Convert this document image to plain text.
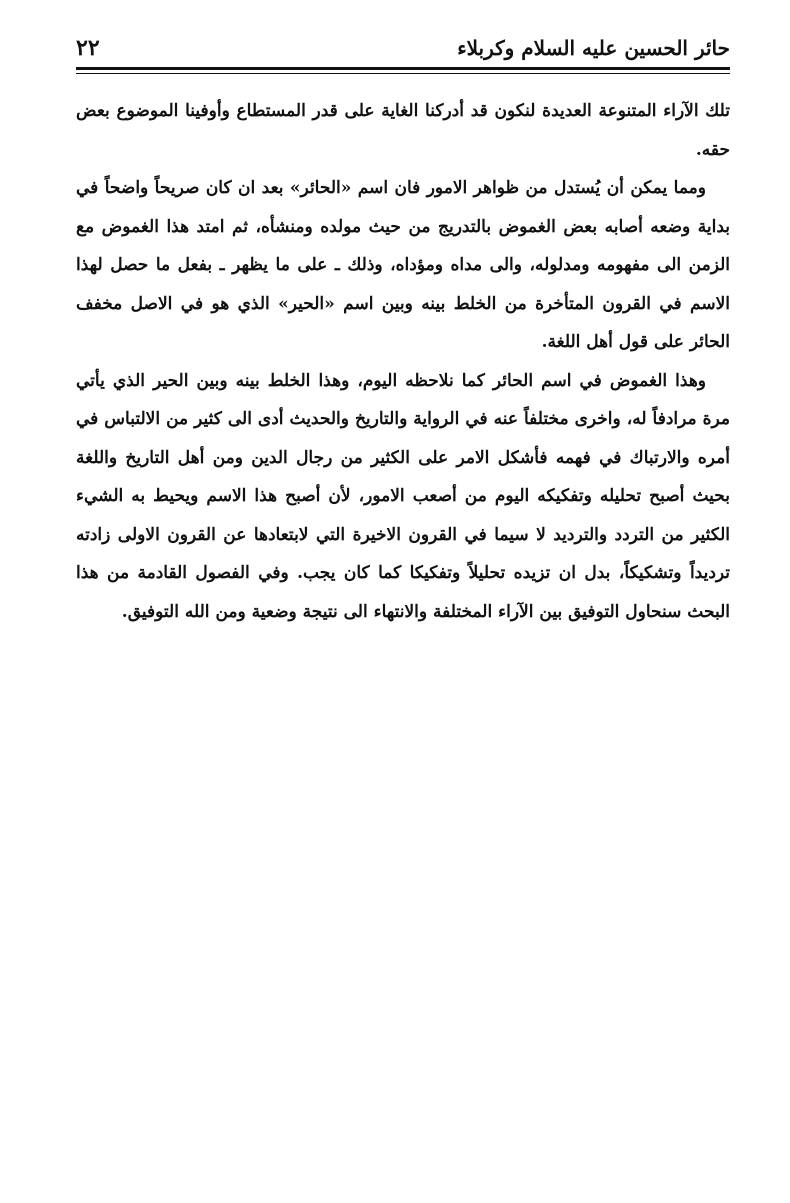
٢٢	حائر الحسين عليه السلام وكربلاء

تلك الآراء المتنوعة العديدة لنكون قد أدركنا الغاية على قدر المستطاع وأوفينا الموضوع بعض حقه.

ومما يمكن أن يُستدل من ظواهر الامور فان اسم «الحائر» بعد ان كان صريحاً واضحاً في بداية وضعه أصابه بعض الغموض بالتدريج من حيث مولده ومنشأه، ثم امتد هذا الغموض مع الزمن الى مفهومه ومدلوله، والى مداه ومؤداه، وذلك ـ على ما يظهر ـ بفعل ما حصل لهذا الاسم في القرون المتأخرة من الخلط بينه وبين اسم «الحير» الذي هو في الاصل مخفف الحائر على قول أهل اللغة.

وهذا الغموض في اسم الحائر كما نلاحظه اليوم، وهذا الخلط بينه وبين الحير الذي يأتي مرة مرادفاً له، واخرى مختلفاً عنه في الرواية والتاريخ والحديث أدى الى كثير من الالتباس في أمره والارتباك في فهمه فأشكل الامر على الكثير من رجال الدين ومن أهل التاريخ واللغة بحيث أصبح تحليله وتفكيكه اليوم من أصعب الامور، لأن أصبح هذا الاسم ويحيط به الشيء الكثير من التردد والترديد لا سيما في القرون الاخيرة التي لابتعادها عن القرون الاولى زادته ترديداً وتشكيكاً، بدل ان تزيده تحليلاً وتفكيكا كما كان يجب. وفي الفصول القادمة من هذا البحث سنحاول التوفيق بين الآراء المختلفة والانتهاء الى نتيجة وضعية ومن الله التوفيق.
